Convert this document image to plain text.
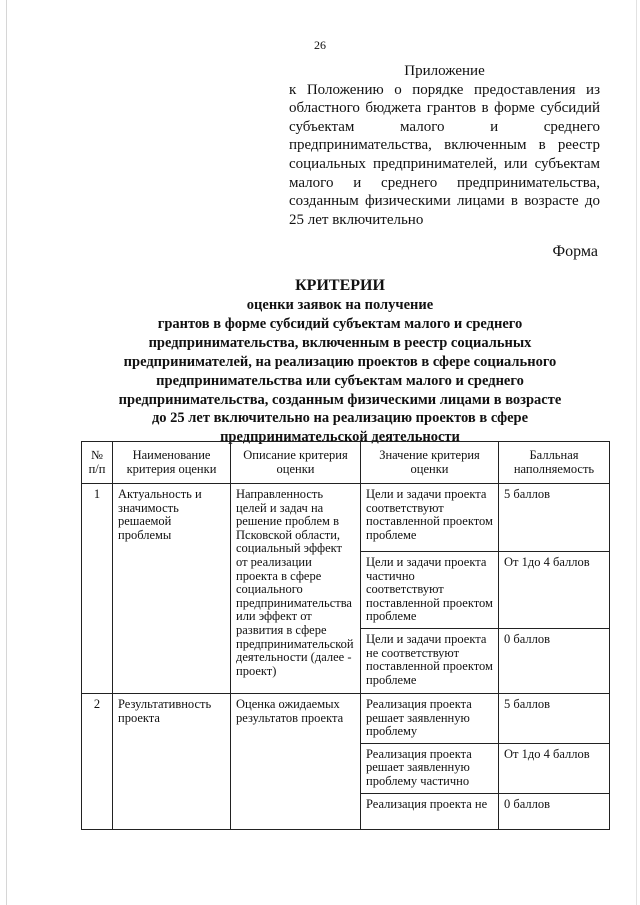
26
Приложение
к Положению о порядке предоставления из областного бюджета грантов в форме субсидий субъектам малого и среднего предпринимательства, включенным в реестр социальных предпринимателей, или субъектам малого и среднего предпринимательства, созданным физическими лицами в возрасте до 25 лет включительно
Форма
КРИТЕРИИ
оценки заявок на получение
грантов в форме субсидий субъектам малого и среднего
предпринимательства, включенным в реестр социальных
предпринимателей, на реализацию проектов в сфере социального
предпринимательства или субъектам малого и среднего
предпринимательства, созданным физическими лицами в возрасте
до 25 лет включительно на реализацию проектов в сфере
предпринимательской деятельности
№ п/п	Наименование критерия оценки	Описание критерия оценки	Значение критерия оценки	Балльная наполняемость
1	Актуальность и значимость решаемой проблемы	Направленность целей и задач на решение проблем в Псковской области, социальный эффект от реализации проекта в сфере социального предпринимательства или эффект от развития в сфере предпринимательской деятельности (далее - проект)	Цели и задачи проекта соответствуют поставленной проектом проблеме	5 баллов
			Цели и задачи проекта частично соответствуют поставленной проектом проблеме	От 1до 4 баллов
			Цели и задачи проекта не соответствуют поставленной проектом проблеме	0 баллов
2	Результативность проекта	Оценка ожидаемых результатов проекта	Реализация проекта решает заявленную проблему	5 баллов
			Реализация проекта решает заявленную проблему частично	От 1до 4 баллов
			Реализация проекта не	0 баллов
